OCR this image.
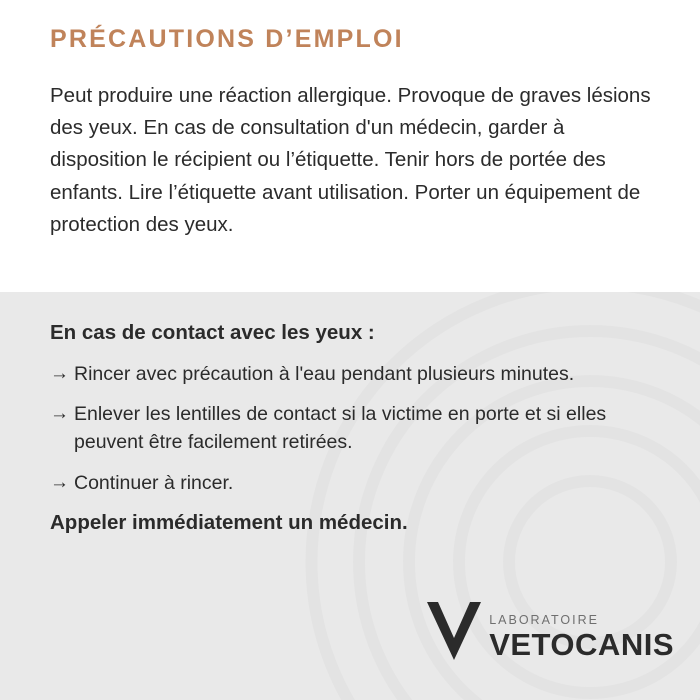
PRÉCAUTIONS D’EMPLOI

Peut produire une réaction allergique. Provoque de graves lésions des yeux. En cas de consultation d'un médecin, garder à disposition le récipient ou l’étiquette. Tenir hors de portée des enfants. Lire l’étiquette avant utilisation. Porter un équipement de protection des yeux.

En cas de contact avec les yeux :
→ Rincer avec précaution à l'eau pendant plusieurs minutes.
→ Enlever les lentilles de contact si la victime en porte et si elles peuvent être facilement retirées.
→ Continuer à rincer.

Appeler immédiatement un médecin.

LABORATOIRE
VETOCANIS
